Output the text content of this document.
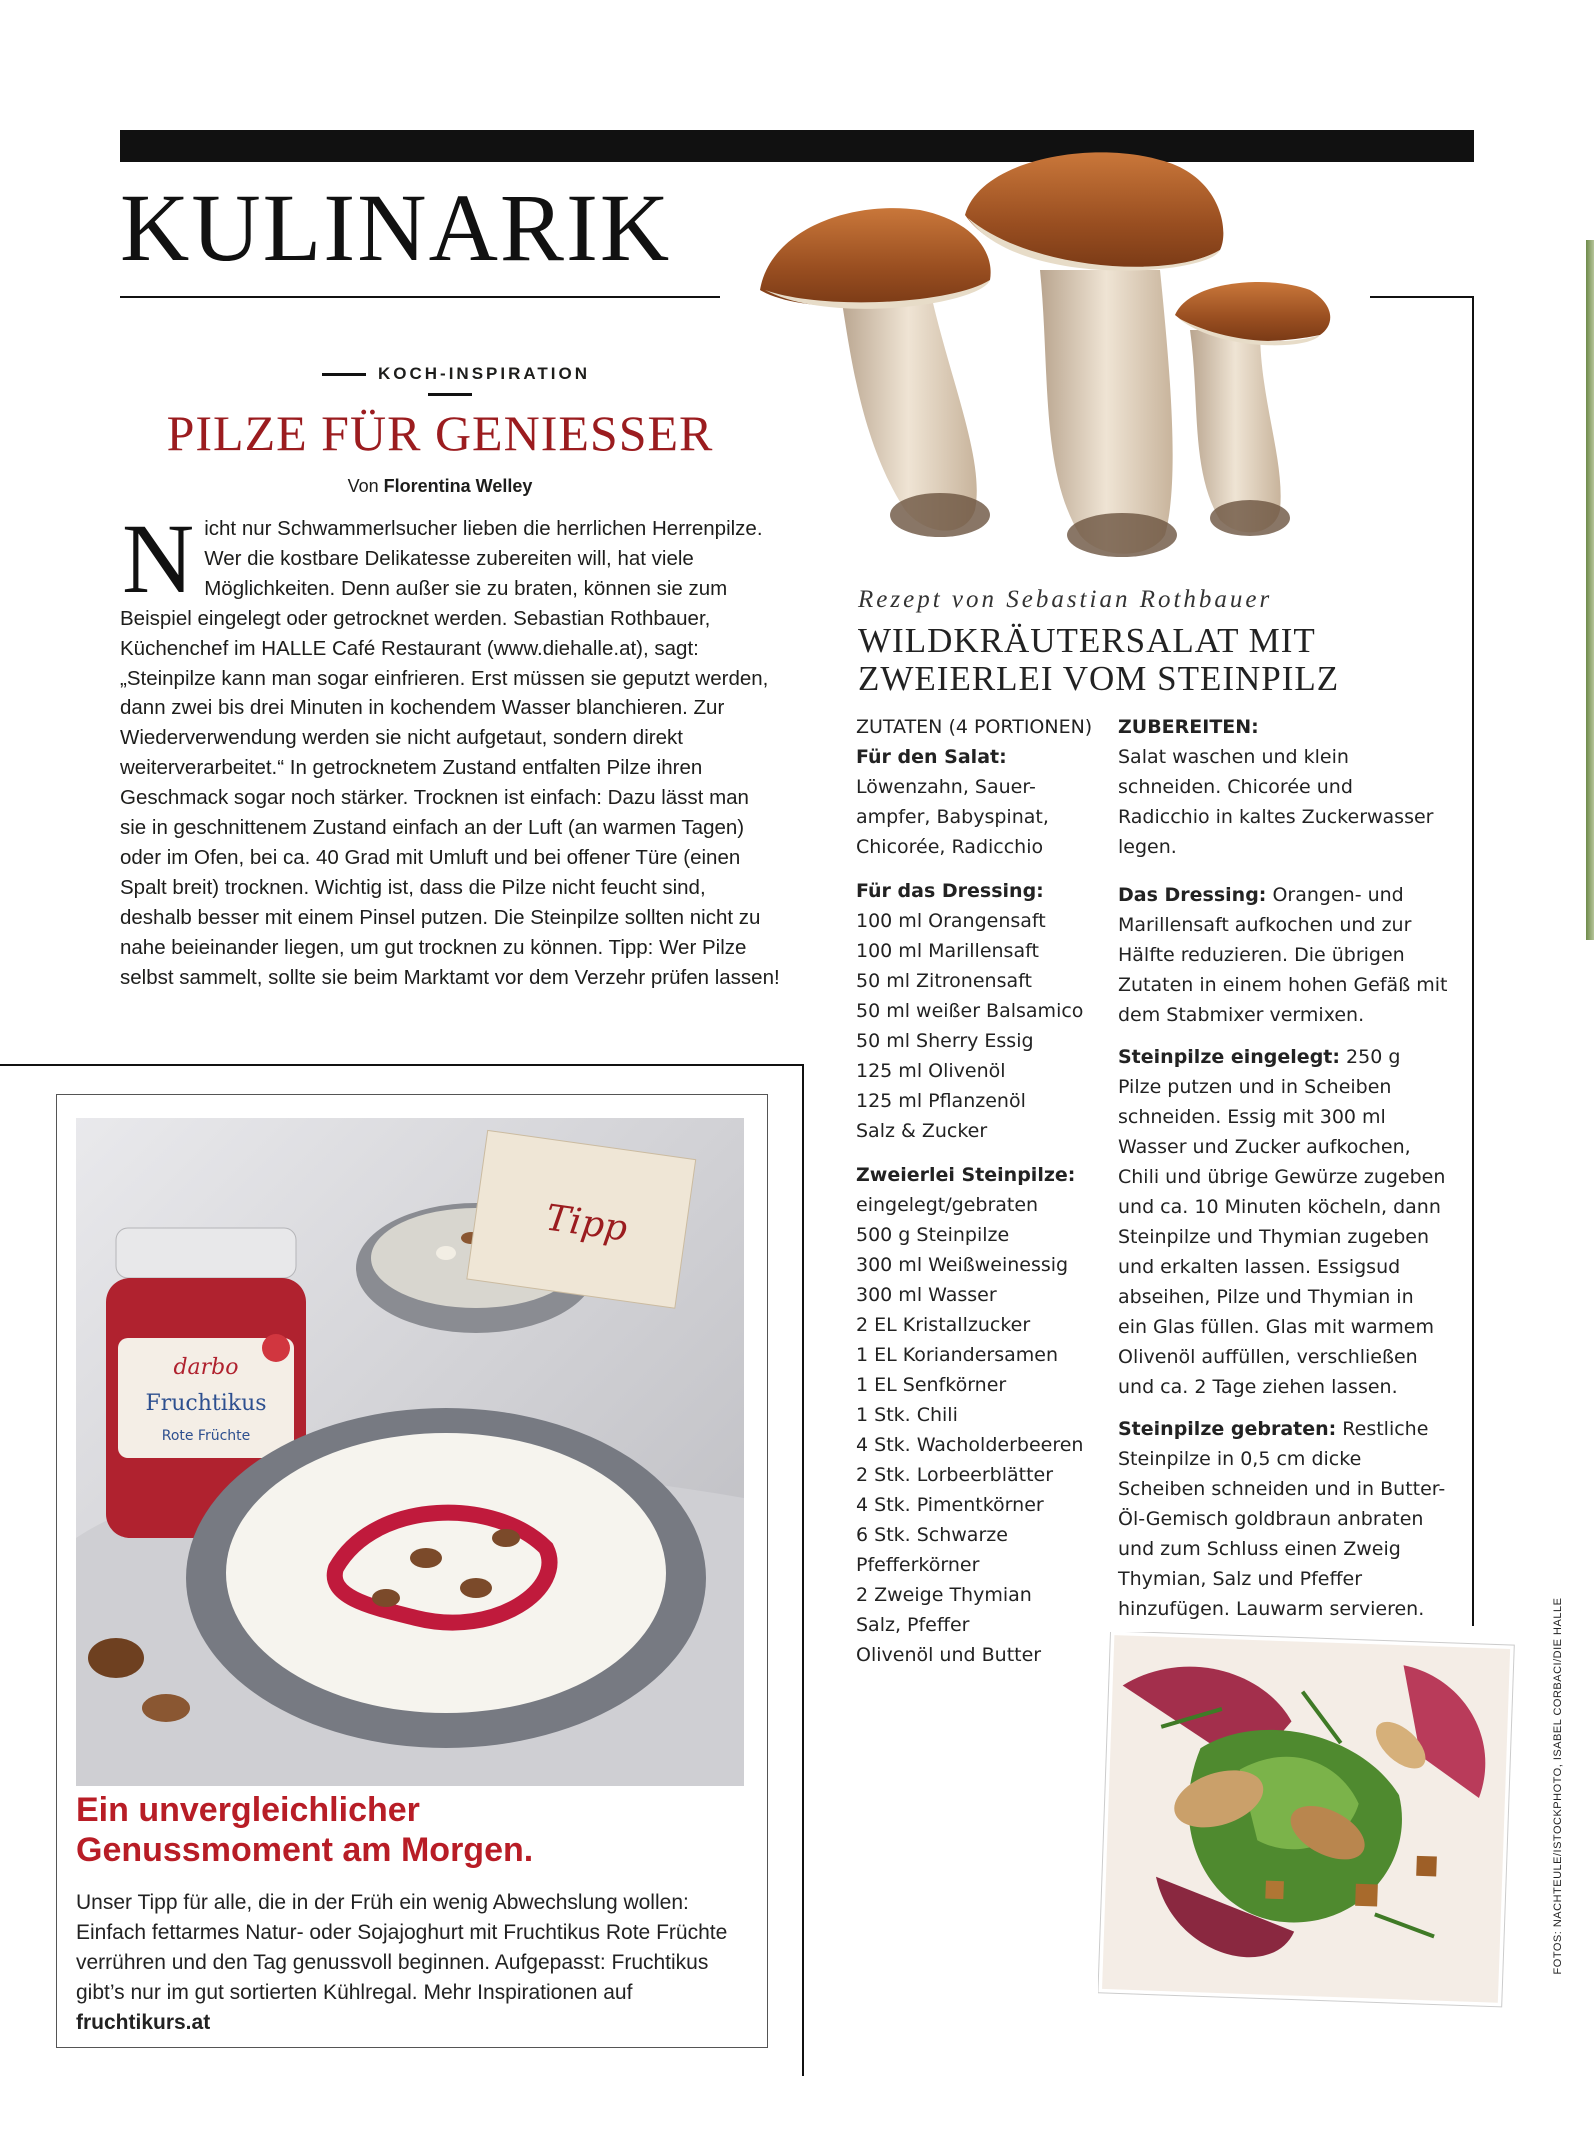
KULINARIK
KOCH-INSPIRATION
PILZE FÜR GENIESSER
Von Florentina Welley
Nicht nur Schwammerlsucher lieben die herrlichen Herrenpilze. Wer die kostbare Delikatesse zubereiten will, hat viele Möglichkeiten. Denn außer sie zu braten, können sie zum Beispiel eingelegt oder getrocknet werden. Sebastian Rothbauer, Küchenchef im HALLE Café Restaurant (www.diehalle.at), sagt: „Steinpilze kann man sogar einfrieren. Erst müssen sie geputzt werden, dann zwei bis drei Minuten in kochendem Wasser blanchieren. Zur Wiederverwendung werden sie nicht aufgetaut, sondern direkt weiterverarbeitet.“ In getrocknetem Zustand entfalten Pilze ihren Geschmack sogar noch stärker. Trocknen ist einfach: Dazu lässt man sie in geschnittenem Zustand einfach an der Luft (an warmen Tagen) oder im Ofen, bei ca. 40 Grad mit Umluft und bei offener Türe (einen Spalt breit) trocknen. Wichtig ist, dass die Pilze nicht feucht sind, deshalb besser mit einem Pinsel putzen. Die Steinpilze sollten nicht zu nahe beieinander liegen, um gut trocknen zu können. Tipp: Wer Pilze selbst sammelt, sollte sie beim Marktamt vor dem Verzehr prüfen lassen!
Rezept von Sebastian Rothbauer
WILDKRÄUTERSALAT MIT ZWEIERLEI VOM STEINPILZ
ZUTATEN (4 PORTIONEN)
Für den Salat:
Löwenzahn, Sauer-
ampfer, Babyspinat,
Chicorée, Radicchio
Für das Dressing:
100 ml Orangensaft
100 ml Marillensaft
50 ml Zitronensaft
50 ml weißer Balsamico
50 ml Sherry Essig
125 ml Olivenöl
125 ml Pflanzenöl
Salz & Zucker
Zweierlei Steinpilze:
eingelegt/gebraten
500 g Steinpilze
300 ml Weißweinessig
300 ml Wasser
2 EL Kristallzucker
1 EL Koriandersamen
1 EL Senfkörner
1 Stk. Chili
4 Stk. Wacholderbeeren
2 Stk. Lorbeerblätter
4 Stk. Pimentkörner
6 Stk. Schwarze
Pfefferkörner
2 Zweige Thymian
Salz, Pfeffer
Olivenöl und Butter
ZUBEREITEN:

Salat waschen und klein schneiden. Chicorée und Radicchio in kaltes Zuckerwasser legen.

Das Dressing: Orangen- und Marillensaft aufkochen und zur Hälfte reduzieren. Die übrigen Zutaten in einem hohen Gefäß mit dem Stabmixer vermixen.

Steinpilze eingelegt: 250 g Pilze putzen und in Scheiben schneiden. Essig mit 300 ml Wasser und Zucker aufkochen, Chili und übrige Gewürze zugeben und ca. 10 Minuten köcheln, dann Steinpilze und Thymian zugeben und erkalten lassen. Essigsud abseihen, Pilze und Thymian in ein Glas füllen. Glas mit warmem Olivenöl auffüllen, verschließen und ca. 2 Tage ziehen lassen.

Steinpilze gebraten: Restliche Steinpilze in 0,5 cm dicke Scheiben schneiden und in Butter-Öl-Gemisch goldbraun anbraten und zum Schluss einen Zweig Thymian, Salz und Pfeffer hinzufügen. Lauwarm servieren.

Tipp
darbo
Fruchtikus
Rote Früchte
Ein unvergleichlicher
Genussmoment am Morgen.
Unser Tipp für alle, die in der Früh ein wenig Abwechslung wollen: Einfach fettarmes Natur- oder Sojajoghurt mit Fruchtikus Rote Früchte verrühren und den Tag genussvoll beginnen. Aufgepasst: Fruchtikus gibt’s nur im gut sortierten Kühlregal. Mehr Inspirationen auf fruchtikurs.at
FOTOS: NACHTEULE/ISTOCKPHOTO, ISABEL CORBACI/DIE HALLE
